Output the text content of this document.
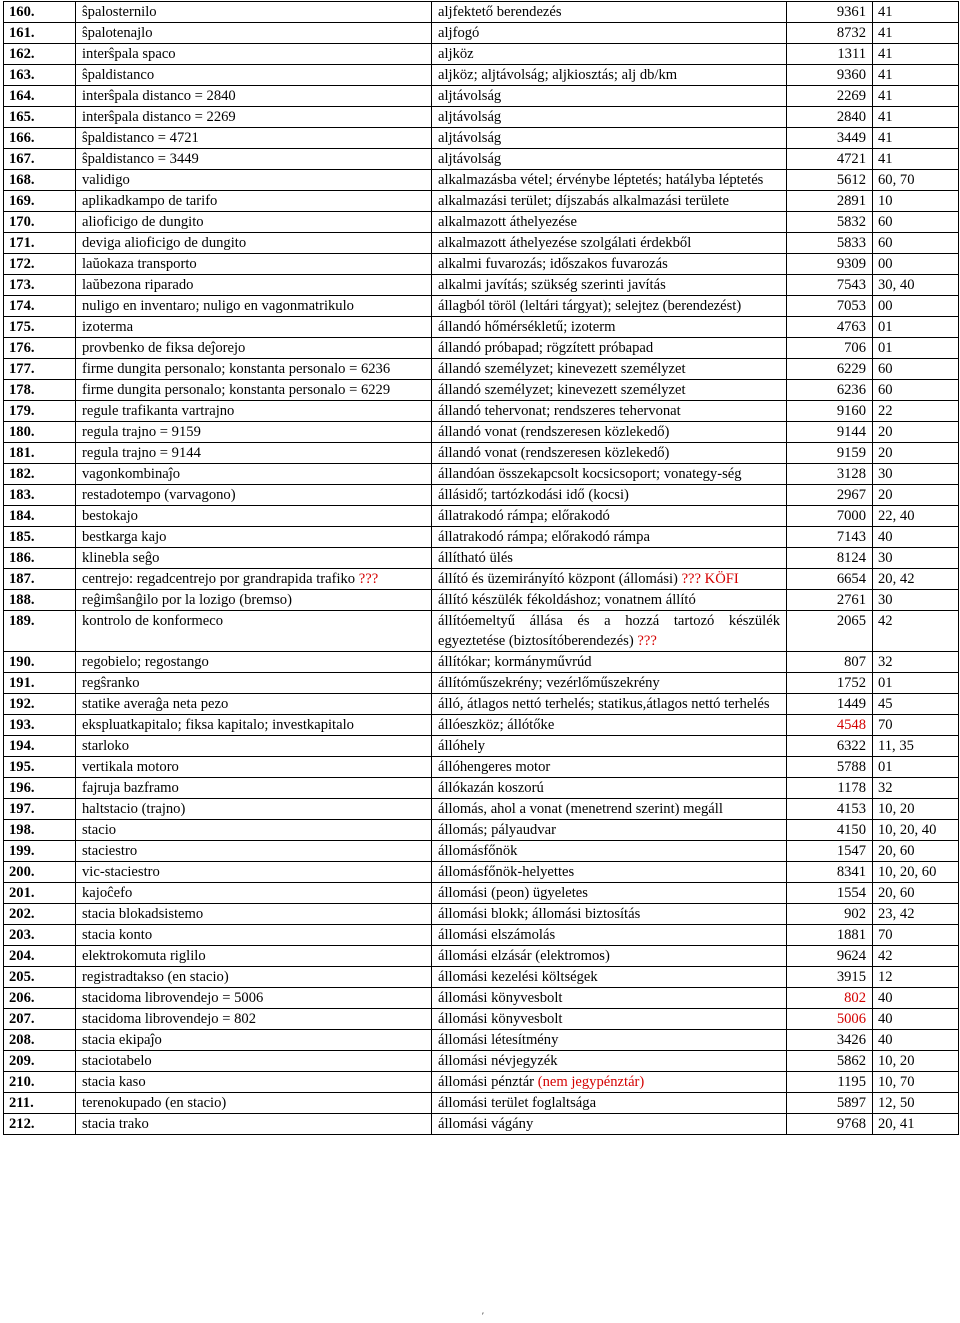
160.	ŝpalosternilo	aljfektető berendezés	9361	41
161.	ŝpalotenajlo	aljfogó	8732	41
162.	interŝpala spaco	aljköz	1311	41
163.	ŝpaldistanco	aljköz; aljtávolság; aljkiosztás; alj db/km	9360	41
164.	interŝpala distanco = 2840	aljtávolság	2269	41
165.	interŝpala distanco = 2269	aljtávolság	2840	41
166.	ŝpaldistanco = 4721	aljtávolság	3449	41
167.	ŝpaldistanco = 3449	aljtávolság	4721	41
168.	validigo	alkalmazásba vétel; érvénybe léptetés; hatályba léptetés	5612	60, 70
169.	aplikadkampo de tarifo	alkalmazási terület; díjszabás alkalmazási területe	2891	10
170.	alioficigo de dungito	alkalmazott áthelyezése	5832	60
171.	deviga alioficigo de dungito	alkalmazott áthelyezése szolgálati érdekből	5833	60
172.	laŭokaza transporto	alkalmi fuvarozás; időszakos fuvarozás	9309	00
173.	laŭbezona riparado	alkalmi javítás; szükség szerinti javítás	7543	30, 40
174.	nuligo en inventaro; nuligo en vagonmatrikulo	állagból töröl (leltári tárgyat); selejtez (berendezést)	7053	00
175.	izoterma	állandó hőmérsékletű; izoterm	4763	01
176.	provbenko de fiksa deĵorejo	állandó próbapad; rögzített próbapad	706	01
177.	firme dungita personalo; konstanta personalo = 6236	állandó személyzet; kinevezett személyzet	6229	60
178.	firme dungita personalo; konstanta personalo = 6229	állandó személyzet; kinevezett személyzet	6236	60
179.	regule trafikanta vartrajno	állandó tehervonat; rendszeres tehervonat	9160	22
180.	regula trajno = 9159	állandó vonat (rendszeresen közlekedő)	9144	20
181.	regula trajno = 9144	állandó vonat (rendszeresen közlekedő)	9159	20
182.	vagonkombinaĵo	állandóan összekapcsolt kocsicsoport; vonategy-ség	3128	30
183.	restadotempo (varvagono)	állásidő; tartózkodási idő (kocsi)	2967	20
184.	bestokajo	állatrakodó rámpa; előrakodó	7000	22, 40
185.	bestkarga kajo	állatrakodó rámpa; előrakodó rámpa	7143	40
186.	klinebla seĝo	állítható ülés	8124	30
187.	centrejo: regadcentrejo por grandrapida trafiko ???	állító és üzemirányító központ (állomási) ??? KÖFI	6654	20, 42
188.	reĝimŝanĝilo por la lozigo (bremso)	állító készülék fékoldáshoz; vonatnem állító	2761	30
189.	kontrolo de konformeco	állítóemeltyű állása és a hozzá tartozó készülék egyeztetése (biztosítóberendezés) ???	2065	42
190.	regobielo; regostango	állítókar; kormányművrúd	807	32
191.	regŝranko	állítóműszekrény; vezérlőműszekrény	1752	01
192.	statike averaĝa neta pezo	álló, átlagos nettó terhelés; statikus,átlagos nettó terhelés	1449	45
193.	ekspluatkapitalo; fiksa kapitalo; investkapitalo	állóeszköz; állótőke	4548	70
194.	starloko	állóhely	6322	11, 35
195.	vertikala motoro	állóhengeres motor	5788	01
196.	fajruja bazframo	állókazán koszorú	1178	32
197.	haltstacio (trajno)	állomás, ahol a vonat (menetrend szerint) megáll	4153	10, 20
198.	stacio	állomás; pályaudvar	4150	10, 20, 40
199.	staciestro	állomásfőnök	1547	20, 60
200.	vic-staciestro	állomásfőnök-helyettes	8341	10, 20, 60
201.	kajoĉefo	állomási (peon) ügyeletes	1554	20, 60
202.	stacia blokadsistemo	állomási blokk; állomási biztosítás	902	23, 42
203.	stacia konto	állomási elszámolás	1881	70
204.	elektrokomuta riglilo	állomási elzásár (elektromos)	9624	42
205.	registradtakso (en stacio)	állomási kezelési költségek	3915	12
206.	stacidoma librovendejo = 5006	állomási könyvesbolt	802	40
207.	stacidoma librovendejo = 802	állomási könyvesbolt	5006	40
208.	stacia ekipaĵo	állomási létesítmény	3426	40
209.	staciotabelo	állomási névjegyzék	5862	10, 20
210.	stacia kaso	állomási pénztár (nem jegypénztár)	1195	10, 70
211.	terenokupado (en stacio)	állomási terület foglaltsága	5897	12, 50
212.	stacia trako	állomási vágány	9768	20, 41
′
